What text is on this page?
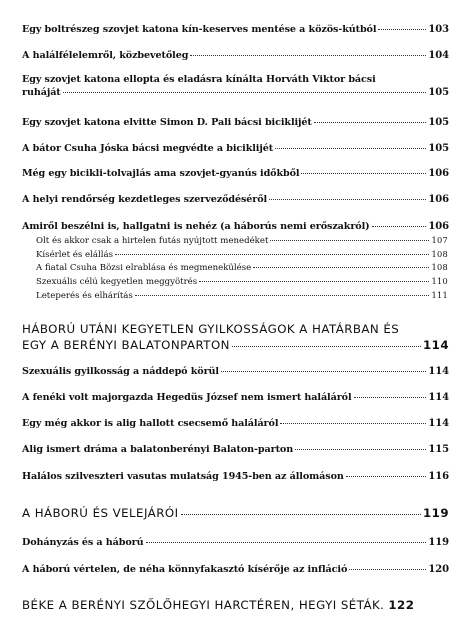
Egy boltrészeg szovjet katona kín-keserves mentése a közös-kútból	103
A halálfélelemről, közbevetőleg	104
Egy szovjet katona ellopta és eladásra kínálta Horváth Viktor bácsi
ruháját	105
Egy szovjet katona elvitte Simon D. Pali bácsi biciklijét	105
A bátor Csuha Jóska bácsi megvédte a biciklijét	105
Még egy bicikli-tolvajlás ama szovjet-gyanús időkből	106
A helyi rendőrség kezdetleges szerveződéséről	106
Amiről beszélni is, hallgatni is nehéz (a háborús nemi erőszakról)	106
Olt és akkor csak a hirtelen futás nyújtott menedéket	107
Kísérlet és elállás	108
A fiatal Csuha Bözsi elrablása és megmenekülése	108
Szexuális célú kegyetlen meggyötrés	110
Leteperés és elhárítás	111
HÁBORÚ UTÁNI KEGYETLEN GYILKOSSÁGOK A HATÁRBAN ÉS
EGY A BERÉNYI BALATONPARTON	114
Szexuális gyilkosság a náddepó körül	114
A fenéki volt majorgazda Hegedüs József nem ismert haláláról	114
Egy még akkor is alig hallott csecsemő haláláról	114
Alig ismert dráma a balatonberényi Balaton-parton	115
Halálos szilveszteri vasutas mulatság 1945-ben az állomáson	116
A HÁBORÚ ÉS VELEJÁRÓI	119
Dohányzás és a háború	119
A háború vértelen, de néha könnyfakasztó kísérője az infláció	120
BÉKE A BERÉNYI SZŐLŐHEGYI HARCTÉREN, HEGYI SÉTÁK. 122
